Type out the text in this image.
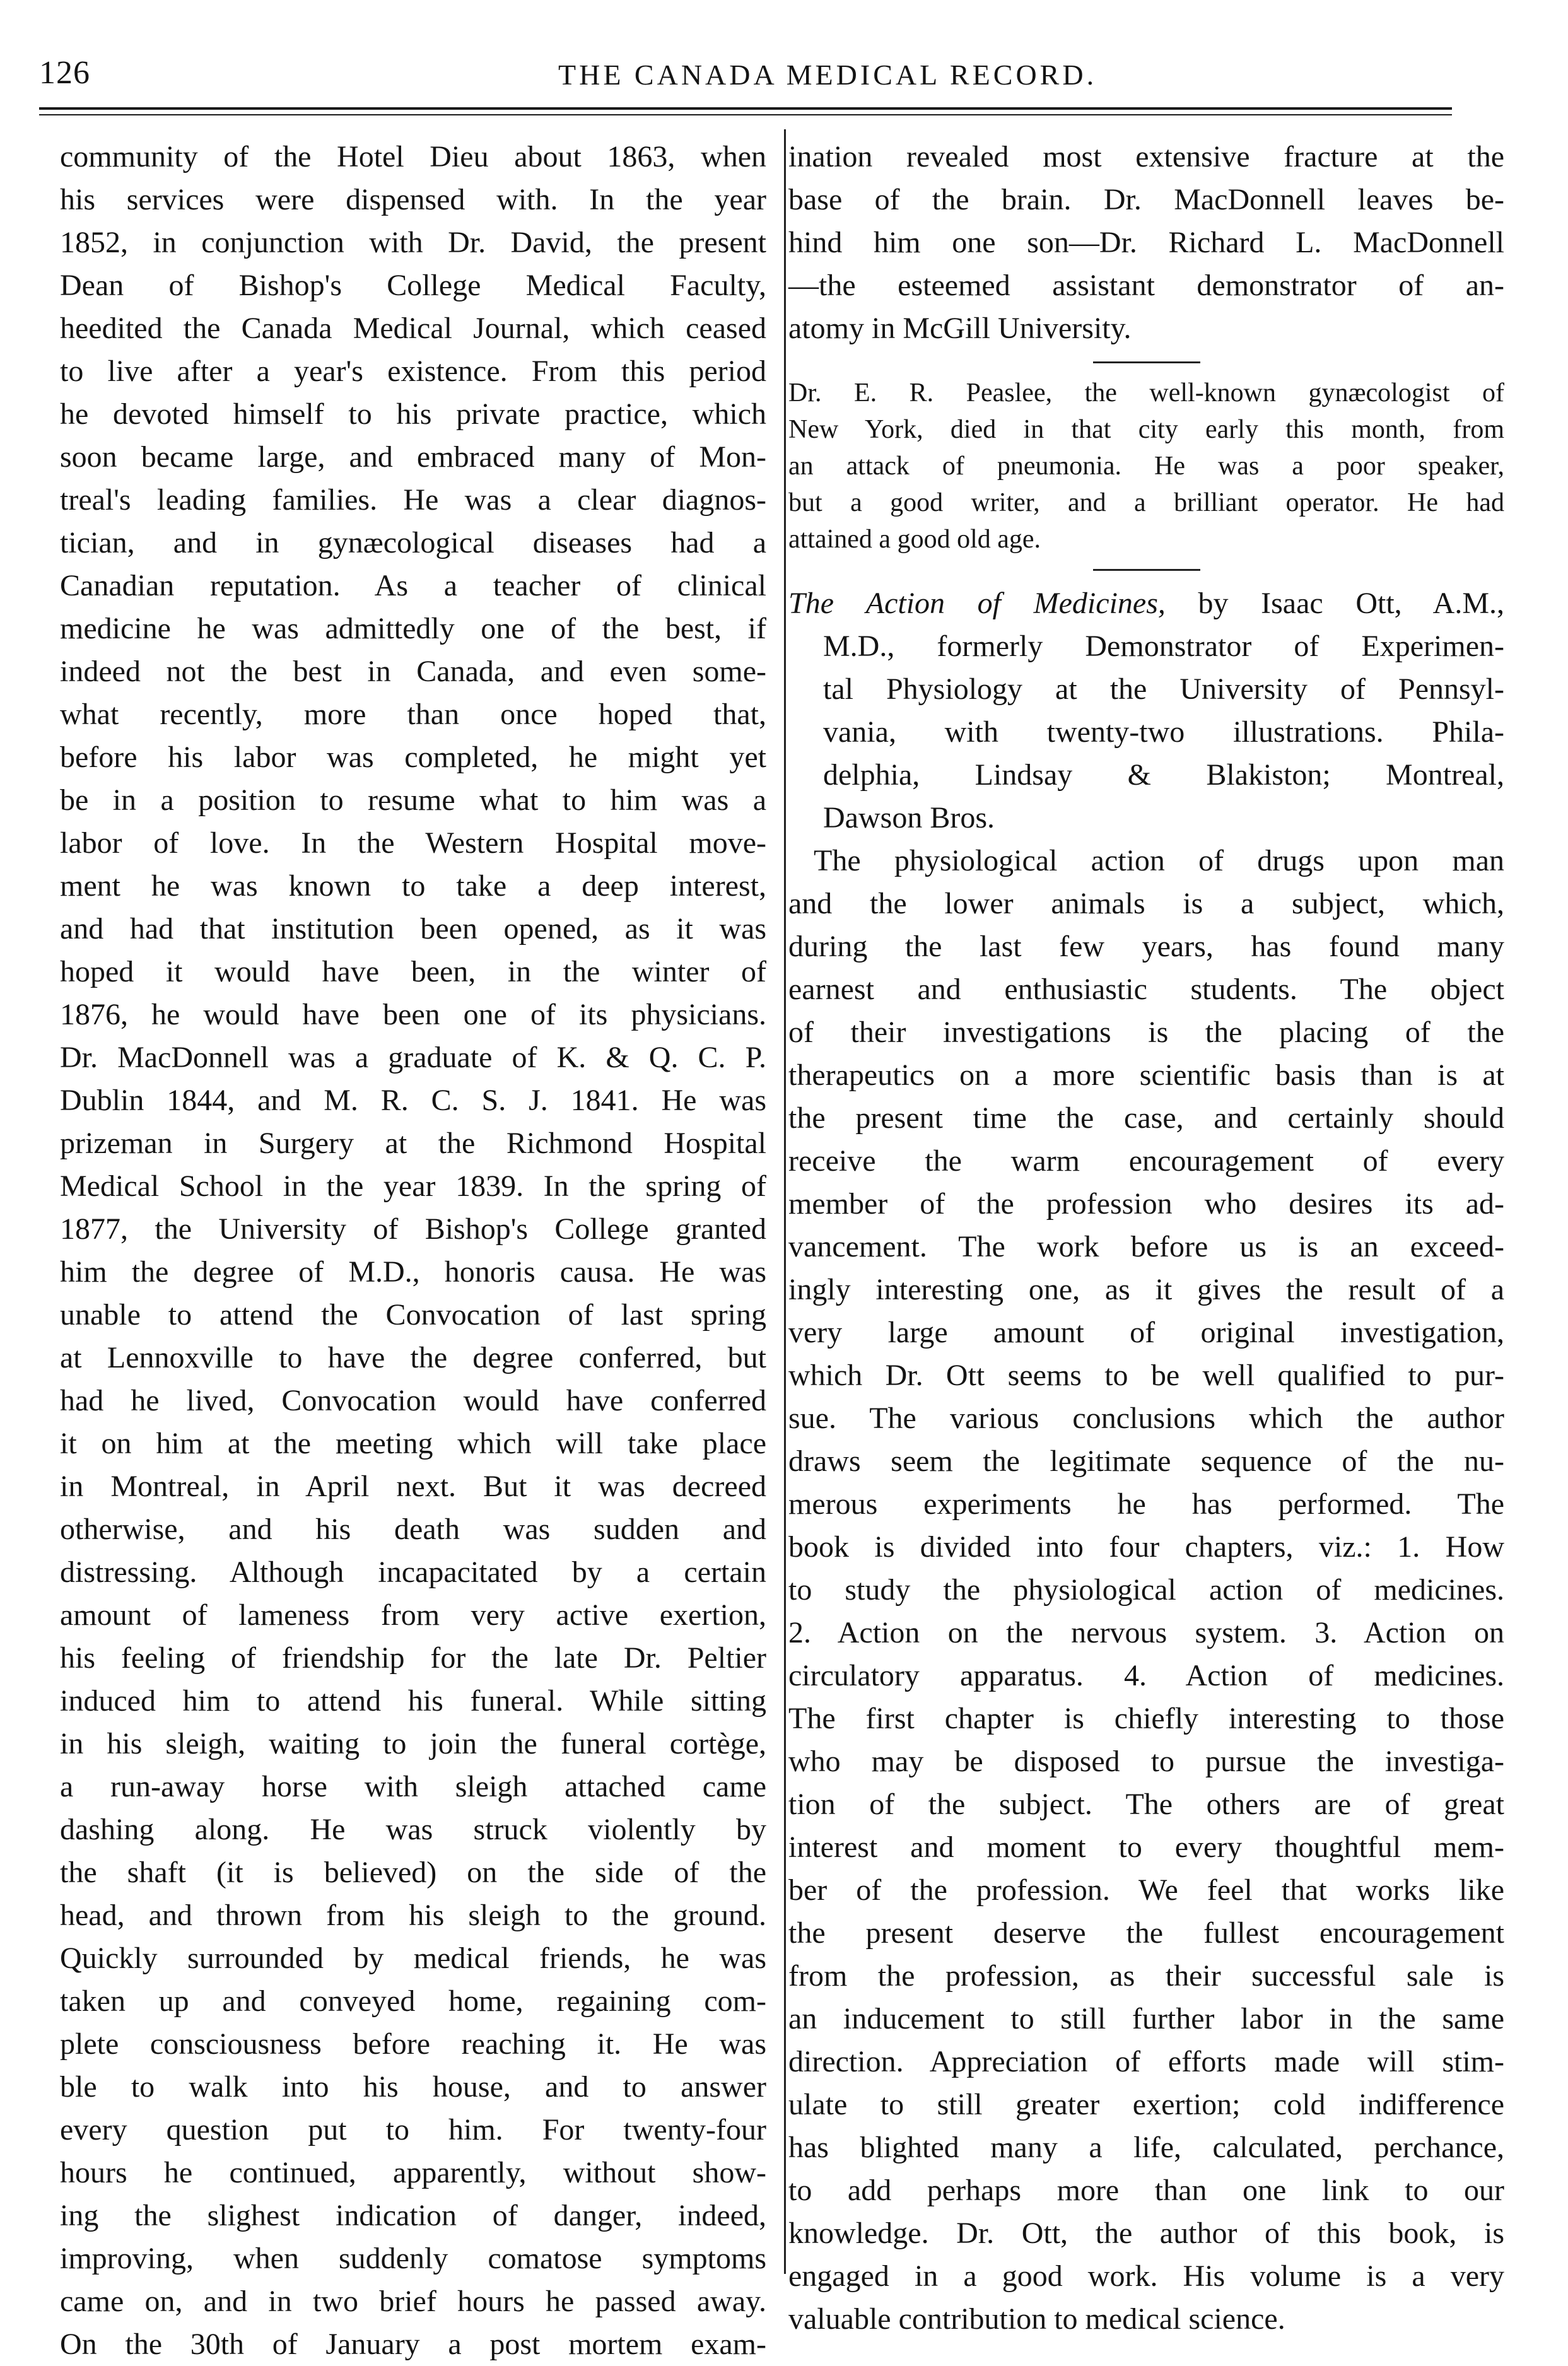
126	THE CANADA MEDICAL RECORD.
community of the Hotel Dieu about 1863, when
his services were dispensed with. In the year
1852, in conjunction with Dr. David, the present
Dean of Bishop's College Medical Faculty,
heedited the Canada Medical Journal, which ceased
to live after a year's existence. From this period
he devoted himself to his private practice, which
soon became large, and embraced many of Mon-
treal's leading families. He was a clear diagnos-
tician, and in gynæcological diseases had a
Canadian reputation. As a teacher of clinical
medicine he was admittedly one of the best, if
indeed not the best in Canada, and even some-
what recently, more than once hoped that,
before his labor was completed, he might yet
be in a position to resume what to him was a
labor of love. In the Western Hospital move-
ment he was known to take a deep interest,
and had that institution been opened, as it was
hoped it would have been, in the winter of
1876, he would have been one of its physicians.
Dr. MacDonnell was a graduate of K. & Q. C. P.
Dublin 1844, and M. R. C. S. J. 1841. He was
prizeman in Surgery at the Richmond Hospital
Medical School in the year 1839. In the spring of
1877, the University of Bishop's College granted
him the degree of M.D., honoris causa. He was
unable to attend the Convocation of last spring
at Lennoxville to have the degree conferred, but
had he lived, Convocation would have conferred
it on him at the meeting which will take place
in Montreal, in April next. But it was decreed
otherwise, and his death was sudden and
distressing. Although incapacitated by a certain
amount of lameness from very active exertion,
his feeling of friendship for the late Dr. Peltier
induced him to attend his funeral. While sitting
in his sleigh, waiting to join the funeral cortège,
a run-away horse with sleigh attached came
dashing along. He was struck violently by
the shaft (it is believed) on the side of the
head, and thrown from his sleigh to the ground.
Quickly surrounded by medical friends, he was
taken up and conveyed home, regaining com-
plete consciousness before reaching it. He was
ble to walk into his house, and to answer
every question put to him. For twenty-four
hours he continued, apparently, without show-
ing the slighest indication of danger, indeed,
improving, when suddenly comatose symptoms
came on, and in two brief hours he passed away.
On the 30th of January a post mortem exam-
ination revealed most extensive fracture at the
base of the brain. Dr. MacDonnell leaves be-
hind him one son—Dr. Richard L. MacDonnell
—the esteemed assistant demonstrator of an-
atomy in McGill University.
Dr. E. R. Peaslee, the well-known gynæcologist of
New York, died in that city early this month, from
an attack of pneumonia. He was a poor speaker,
but a good writer, and a brilliant operator. He had
attained a good old age.
The Action of Medicines, by Isaac Ott, A.M.,
M.D., formerly Demonstrator of Experimen-
tal Physiology at the University of Pennsyl-
vania, with twenty-two illustrations. Phila-
delphia, Lindsay & Blakiston; Montreal,
Dawson Bros.
The physiological action of drugs upon man
and the lower animals is a subject, which,
during the last few years, has found many
earnest and enthusiastic students. The object
of their investigations is the placing of the
therapeutics on a more scientific basis than is at
the present time the case, and certainly should
receive the warm encouragement of every
member of the profession who desires its ad-
vancement. The work before us is an exceed-
ingly interesting one, as it gives the result of a
very large amount of original investigation,
which Dr. Ott seems to be well qualified to pur-
sue. The various conclusions which the author
draws seem the legitimate sequence of the nu-
merous experiments he has performed. The
book is divided into four chapters, viz.: 1. How
to study the physiological action of medicines.
2. Action on the nervous system. 3. Action on
circulatory apparatus. 4. Action of medicines.
The first chapter is chiefly interesting to those
who may be disposed to pursue the investiga-
tion of the subject. The others are of great
interest and moment to every thoughtful mem-
ber of the profession. We feel that works like
the present deserve the fullest encouragement
from the profession, as their successful sale is
an inducement to still further labor in the same
direction. Appreciation of efforts made will stim-
ulate to still greater exertion; cold indifference
has blighted many a life, calculated, perchance,
to add perhaps more than one link to our
knowledge. Dr. Ott, the author of this book, is
engaged in a good work. His volume is a very
valuable contribution to medical science.
